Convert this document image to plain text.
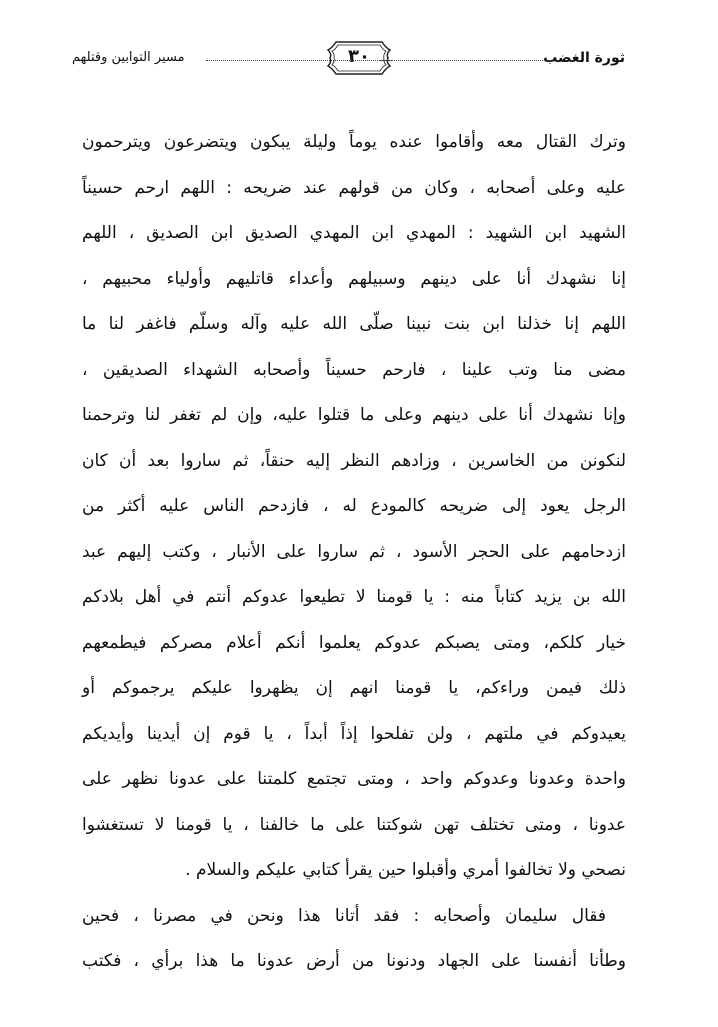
ثورة الغضب
٣٠
مسير التوابين وقتلهم
وترك القتال معه وأقاموا عنده يوماً وليلة يبكون ويتضرعون ويترحمون
عليه وعلى أصحابه ، وكان من قولهم عند ضريحه : اللهم ارحم حسيناً
الشهيد ابن الشهيد : المهدي ابن المهدي الصديق ابن الصديق ، اللهم
إنا نشهدك أنا على دينهم وسبيلهم وأعداء قاتليهم وأولياء محبيهم ،
اللهم إنا خذلنا ابن بنت نبينا صلّى الله عليه وآله وسلّم فاغفر لنا ما
مضى منا وتب علينا ، فارحم حسيناً وأصحابه الشهداء الصديقين ،
وإنا نشهدك أنا على دينهم وعلى ما قتلوا عليه، وإن لم تغفر لنا وترحمنا
لنكونن من الخاسرين ، وزادهم النظر إليه حنقاً، ثم ساروا بعد أن كان
الرجل يعود إلى ضريحه كالمودع له ، فازدحم الناس عليه أكثر من
ازدحامهم على الحجر الأسود ، ثم ساروا على الأنبار ، وكتب إليهم عبد
الله بن يزيد كتاباً منه : يا قومنا لا تطيعوا عدوكم أنتم في أهل بلادكم
خيار كلكم، ومتى يصبكم عدوكم يعلموا أنكم أعلام مصركم فيطمعهم
ذلك فيمن وراءكم، يا قومنا انهم إن يظهروا عليكم يرجموكم أو
يعيدوكم في ملتهم ، ولن تفلحوا إذاً أبداً ، يا قوم إن أيدينا وأيديكم
واحدة وعدونا وعدوكم واحد ، ومتى تجتمع كلمتنا على عدونا نظهر على
عدونا ، ومتى تختلف تهن شوكتنا على ما خالفنا ، يا قومنا لا تستغشوا
نصحي ولا تخالفوا أمري وأقبلوا حين يقرأ كتابي عليكم والسلام .
فقال سليمان وأصحابه : فقد أتانا هذا ونحن في مصرنا ، فحين
وطأنا أنفسنا على الجهاد ودنونا من أرض عدونا ما هذا برأي ، فكتب
